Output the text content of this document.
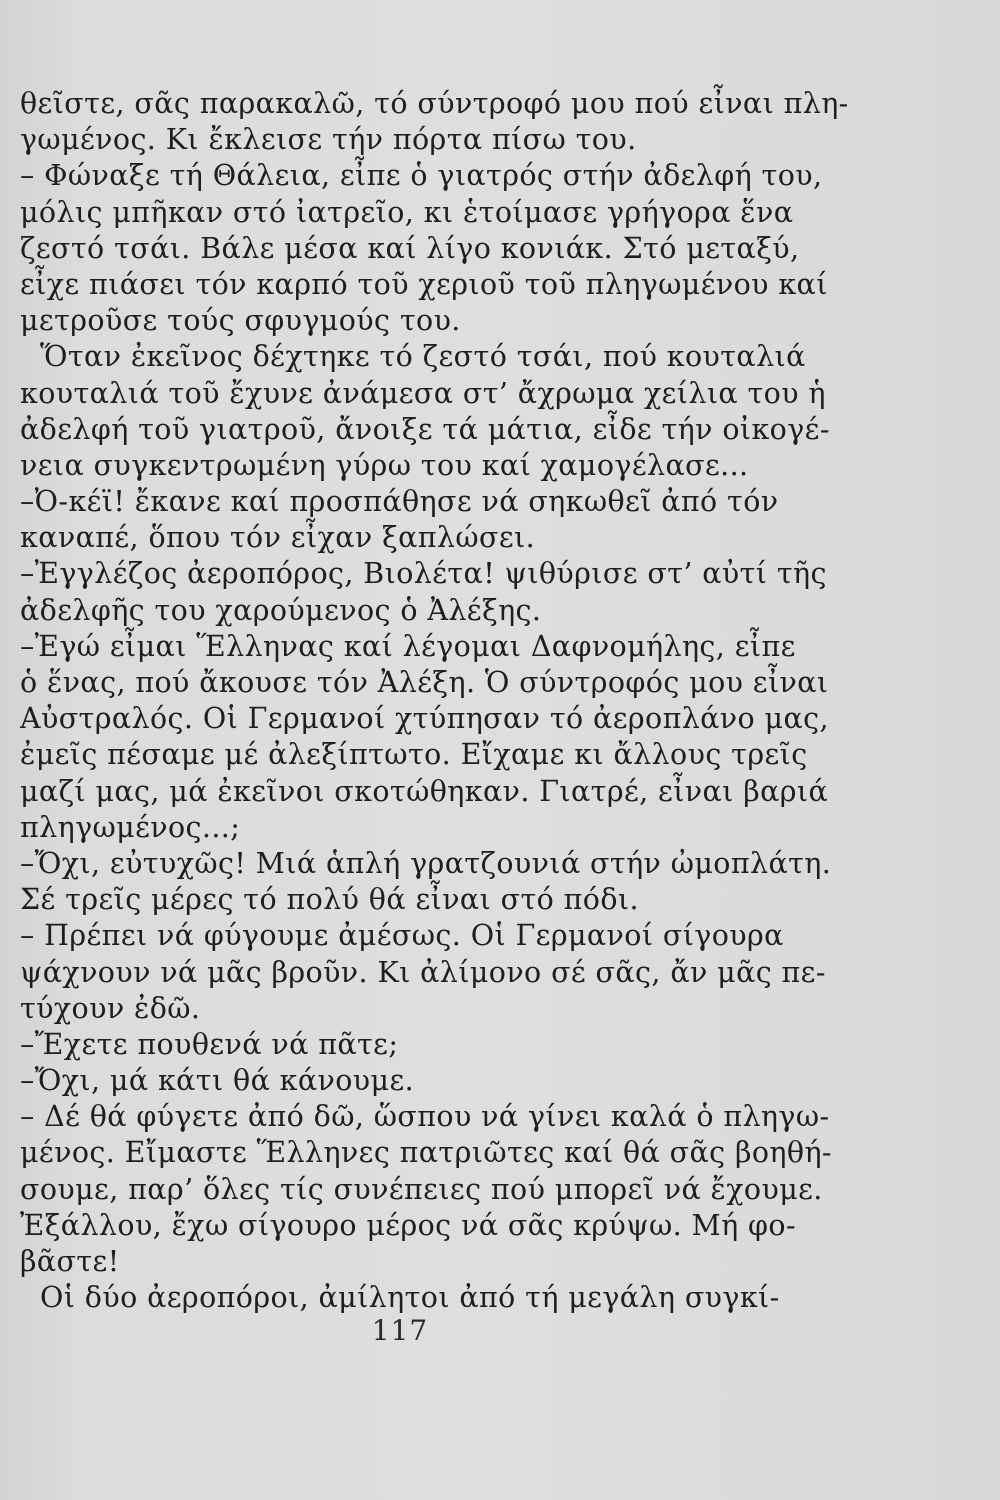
θεῖστε, σᾶς παρακαλῶ, τό σύντροφό μου πού εἶναι πλη-
γωμένος. Κι ἔκλεισε τήν πόρτα πίσω του.
– Φώναξε τή Θάλεια, εἶπε ὁ γιατρός στήν ἀδελφή του,
μόλις μπῆκαν στό ἰατρεῖο, κι ἑτοίμασε γρήγορα ἕνα
ζεστό τσάι. Βάλε μέσα καί λίγο κονιάκ. Στό μεταξύ,
εἶχε πιάσει τόν καρπό τοῦ χεριοῦ τοῦ πληγωμένου καί
μετροῦσε τούς σφυγμούς του.
Ὅταν ἐκεῖνος δέχτηκε τό ζεστό τσάι, πού κουταλιά
κουταλιά τοῦ ἔχυνε ἀνάμεσα στ’ ἄχρωμα χείλια του ἡ
ἀδελφή τοῦ γιατροῦ, ἄνοιξε τά μάτια, εἶδε τήν οἰκογέ-
νεια συγκεντρωμένη γύρω του καί χαμογέλασε...
–Ὀ-κέϊ! ἔκανε καί προσπάθησε νά σηκωθεῖ ἀπό τόν
καναπέ, ὅπου τόν εἶχαν ξαπλώσει.
–Ἐγγλέζος ἀεροπόρος, Βιολέτα! ψιθύρισε στ’ αὐτί τῆς
ἀδελφῆς του χαρούμενος ὁ Ἀλέξης.
–Ἐγώ εἶμαι Ἕλληνας καί λέγομαι Δαφνομήλης, εἶπε
ὁ ἕνας, πού ἄκουσε τόν Ἀλέξη. Ὁ σύντροφός μου εἶναι
Αὐστραλός. Οἱ Γερμανοί χτύπησαν τό ἀεροπλάνο μας,
ἐμεῖς πέσαμε μέ ἀλεξίπτωτο. Εἴχαμε κι ἄλλους τρεῖς
μαζί μας, μά ἐκεῖνοι σκοτώθηκαν. Γιατρέ, εἶναι βαριά
πληγωμένος...;
–Ὄχι, εὐτυχῶς! Μιά ἁπλή γρατζουνιά στήν ὠμοπλάτη.
Σέ τρεῖς μέρες τό πολύ θά εἶναι στό πόδι.
– Πρέπει νά φύγουμε ἀμέσως. Οἱ Γερμανοί σίγουρα
ψάχνουν νά μᾶς βροῦν. Κι ἀλίμονο σέ σᾶς, ἄν μᾶς πε-
τύχουν ἐδῶ.
–Ἔχετε πουθενά νά πᾶτε;
–Ὄχι, μά κάτι θά κάνουμε.
– Δέ θά φύγετε ἀπό δῶ, ὥσπου νά γίνει καλά ὁ πληγω-
μένος. Εἴμαστε Ἕλληνες πατριῶτες καί θά σᾶς βοηθή-
σουμε, παρ’ ὅλες τίς συνέπειες πού μπορεῖ νά ἔχουμε.
Ἐξάλλου, ἔχω σίγουρο μέρος νά σᾶς κρύψω. Μή φο-
βᾶστε!
Οἱ δύο ἀεροπόροι, ἀμίλητοι ἀπό τή μεγάλη συγκί-
117
